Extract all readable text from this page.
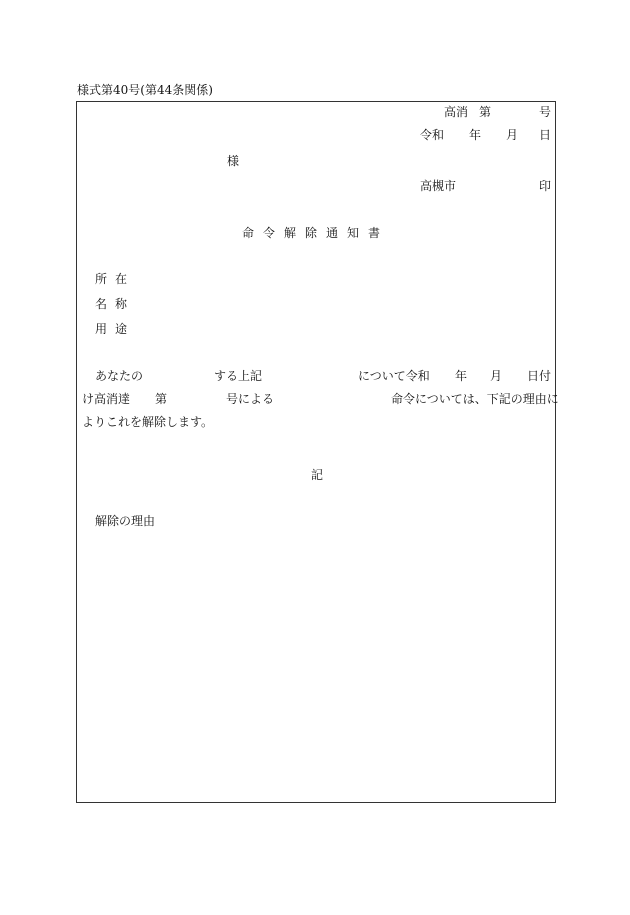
様式第40号(第44条関係)
高消 第	号
令和 年 月 日
様
高槻市	印
命令解除通知書
所在
名称
用途
あなたの	する上記	について令和 年 月 日付
け高消達 第	号による	命令については、下記の理由に
よりこれを解除します。
記
解除の理由
